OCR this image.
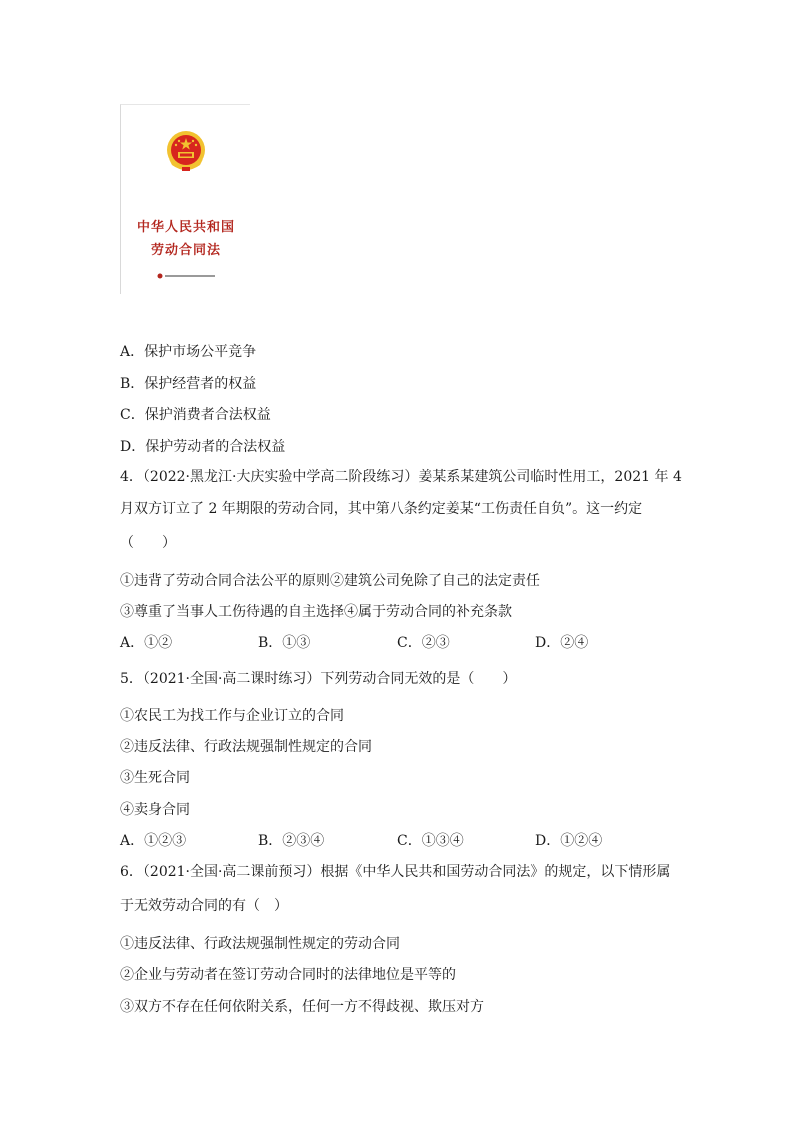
中华人民共和国
劳动合同法
A．保护市场公平竞争
B．保护经营者的权益
C．保护消费者合法权益
D．保护劳动者的合法权益
4．（2022·黑龙江·大庆实验中学高二阶段练习）姜某系某建筑公司临时性用工，2021 年 4
月双方订立了 2 年期限的劳动合同，其中第八条约定姜某“工伤责任自负”。这一约定
（　　）
①违背了劳动合同合法公平的原则②建筑公司免除了自己的法定责任
③尊重了当事人工伤待遇的自主选择④属于劳动合同的补充条款
A．①②	B．①③	C．②③	D．②④
5．（2021·全国·高二课时练习）下列劳动合同无效的是（　　）
①农民工为找工作与企业订立的合同
②违反法律、行政法规强制性规定的合同
③生死合同
④卖身合同
A．①②③	B．②③④	C．①③④	D．①②④
6．（2021·全国·高二课前预习）根据《中华人民共和国劳动合同法》的规定，以下情形属
于无效劳动合同的有（　）
①违反法律、行政法规强制性规定的劳动合同
②企业与劳动者在签订劳动合同时的法律地位是平等的
③双方不存在任何依附关系，任何一方不得歧视、欺压对方
